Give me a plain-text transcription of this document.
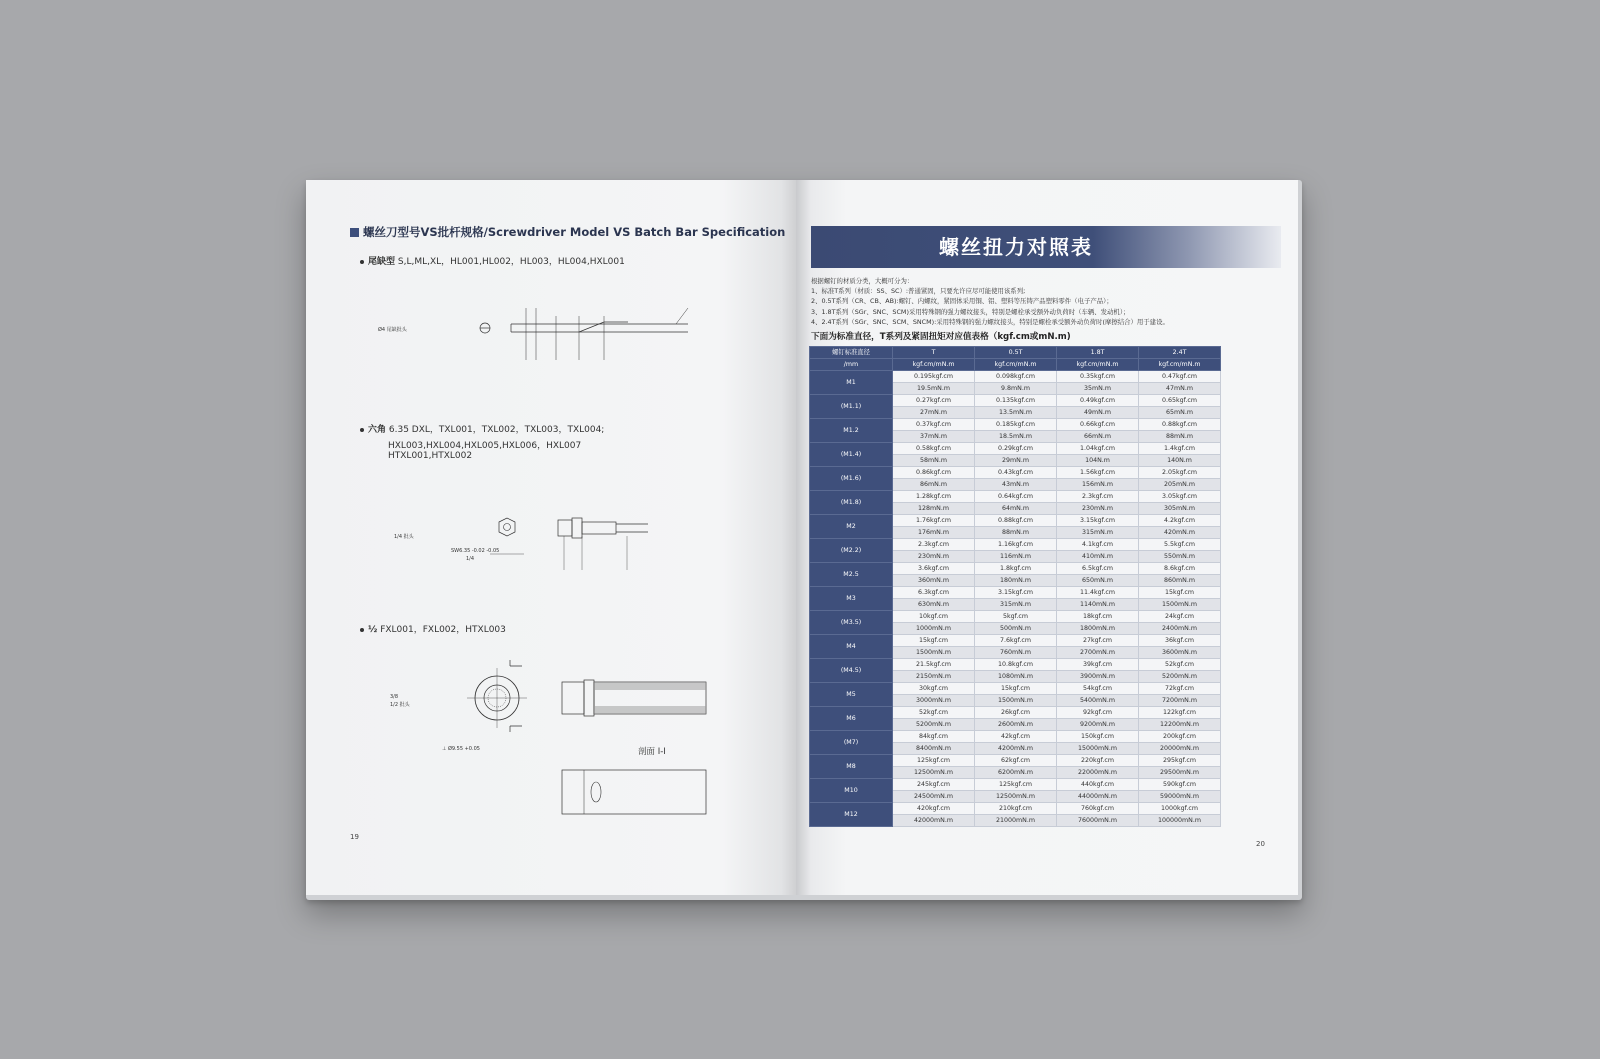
螺丝刀型号VS批杆规格/Screwdriver Model VS Batch Bar Specification
尾缺型 S,L,ML,XL，HL001,HL002，HL003，HL004,HXL001
Ø4 尾缺批头
六角 6.35 DXL，TXL001，TXL002，TXL003，TXL004;
HXL003,HXL004,HXL005,HXL006，HXL007
HTXL001,HTXL002
1/4 批头
SW6.35 -0.02 -0.05
1/4
½ FXL001，FXL002，HTXL003
3/8
1/2 批头
⊥ Ø9.55 +0.05	剖面 I-I
19
螺丝扭力对照表
根据螺钉的材质分类，大概可分为：
1、标准T系列（材质：SS、SC）:普通紧固，只要允许应尽可能使用该系列;
2、0.5T系列（CR、CB、AB):螺钉、内螺纹，紧固体采用铜、铝、塑料等压铸产品塑料零件（电子产品）；
3、1.8T系列（SGr、SNC、SCM)采用特殊钢的强力螺纹接头，特别是螺栓承受额外动负荷时（车辆、发动机）；
4、2.4T系列（SGr、SNC、SCM、SNCM):采用特殊钢的强力螺纹接头，特别是螺栓承受额外动负荷时(摩擦结合）用于建设。
下面为标准直径，T系列及紧固扭矩对应值表格（kgf.cm或mN.m)
螺钉标准直径	T	0.5T	1.8T	2.4T
/mm	kgf.cm/mN.m	kgf.cm/mN.m	kgf.cm/mN.m	kgf.cm/mN.m
M1	0.195kgf.cm	0.098kgf.cm	0.35kgf.cm	0.47kgf.cm
	19.5mN.m	9.8mN.m	35mN.m	47mN.m
(M1.1)	0.27kgf.cm	0.135kgf.cm	0.49kgf.cm	0.65kgf.cm
	27mN.m	13.5mN.m	49mN.m	65mN.m
M1.2	0.37kgf.cm	0.185kgf.cm	0.66kgf.cm	0.88kgf.cm
	37mN.m	18.5mN.m	66mN.m	88mN.m
(M1.4)	0.58kgf.cm	0.29kgf.cm	1.04kgf.cm	1.4kgf.cm
	58mN.m	29mN.m	104N.m	140N.m
(M1.6)	0.86kgf.cm	0.43kgf.cm	1.56kgf.cm	2.05kgf.cm
	86mN.m	43mN.m	156mN.m	205mN.m
(M1.8)	1.28kgf.cm	0.64kgf.cm	2.3kgf.cm	3.05kgf.cm
	128mN.m	64mN.m	230mN.m	305mN.m
M2	1.76kgf.cm	0.88kgf.cm	3.15kgf.cm	4.2kgf.cm
	176mN.m	88mN.m	315mN.m	420mN.m
(M2.2)	2.3kgf.cm	1.16kgf.cm	4.1kgf.cm	5.5kgf.cm
	230mN.m	116mN.m	410mN.m	550mN.m
M2.5	3.6kgf.cm	1.8kgf.cm	6.5kgf.cm	8.6kgf.cm
	360mN.m	180mN.m	650mN.m	860mN.m
M3	6.3kgf.cm	3.15kgf.cm	11.4kgf.cm	15kgf.cm
	630mN.m	315mN.m	1140mN.m	1500mN.m
(M3.5)	10kgf.cm	5kgf.cm	18kgf.cm	24kgf.cm
	1000mN.m	500mN.m	1800mN.m	2400mN.m
M4	15kgf.cm	7.6kgf.cm	27kgf.cm	36kgf.cm
	1500mN.m	760mN.m	2700mN.m	3600mN.m
(M4.5)	21.5kgf.cm	10.8kgf.cm	39kgf.cm	52kgf.cm
	2150mN.m	1080mN.m	3900mN.m	5200mN.m
M5	30kgf.cm	15kgf.cm	54kgf.cm	72kgf.cm
	3000mN.m	1500mN.m	5400mN.m	7200mN.m
M6	52kgf.cm	26kgf.cm	92kgf.cm	122kgf.cm
	5200mN.m	2600mN.m	9200mN.m	12200mN.m
(M7)	84kgf.cm	42kgf.cm	150kgf.cm	200kgf.cm
	8400mN.m	4200mN.m	15000mN.m	20000mN.m
M8	125kgf.cm	62kgf.cm	220kgf.cm	295kgf.cm
	12500mN.m	6200mN.m	22000mN.m	29500mN.m
M10	245kgf.cm	125kgf.cm	440kgf.cm	590kgf.cm
	24500mN.m	12500mN.m	44000mN.m	59000mN.m
M12	420kgf.cm	210kgf.cm	760kgf.cm	1000kgf.cm
	42000mN.m	21000mN.m	76000mN.m	100000mN.m
20
